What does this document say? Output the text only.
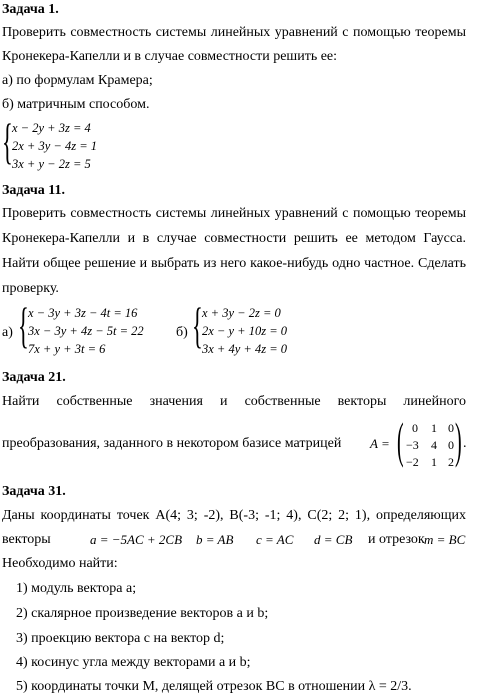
Задача 1.
Проверить совместность системы линейных уравнений с помощью теоремы
Кронекера-Капелли и в случае совместности решить ее:
а) по формулам Крамера;
б) матричным способом.
{ x − 2y + 3z = 4
2x + 3y − 4z = 1
3x + y − 2z = 5
Задача 11.
Проверить совместность системы линейных уравнений с помощью теоремы
Кронекера-Капелли и в случае совместности решить ее методом Гаусса.
Найти общее решение и выбрать из него какое-нибудь одно частное. Сделать
проверку.
а) { x − 3y + 3z − 4t = 16
3x − 3y + 4z − 5t = 22
7x + y + 3t = 6
б) { x + 3y − 2z = 0
2x − y + 10z = 0
3x + 4y + 4z = 0
Задача 21.
Найти собственные значения и собственные векторы линейного
преобразования, заданного в некотором базисе матрицей A = ( 0 1 0
−3 4 0
−2 1 2 ) .
Задача 31.
Даны координаты точек A(4; 3; -2), B(-3; -1; 4), C(2; 2; 1), определяющих
векторы	a = −5AC + 2CB b = AB c = AC d = CB и отрезок m = BC
Необходимо найти:
1) модуль вектора a;
2) скалярное произведение векторов a и b;
3) проекцию вектора c на вектор d;
4) косинус угла между векторами a и b;
5) координаты точки M, делящей отрезок BC в отношении λ = 2/3.
